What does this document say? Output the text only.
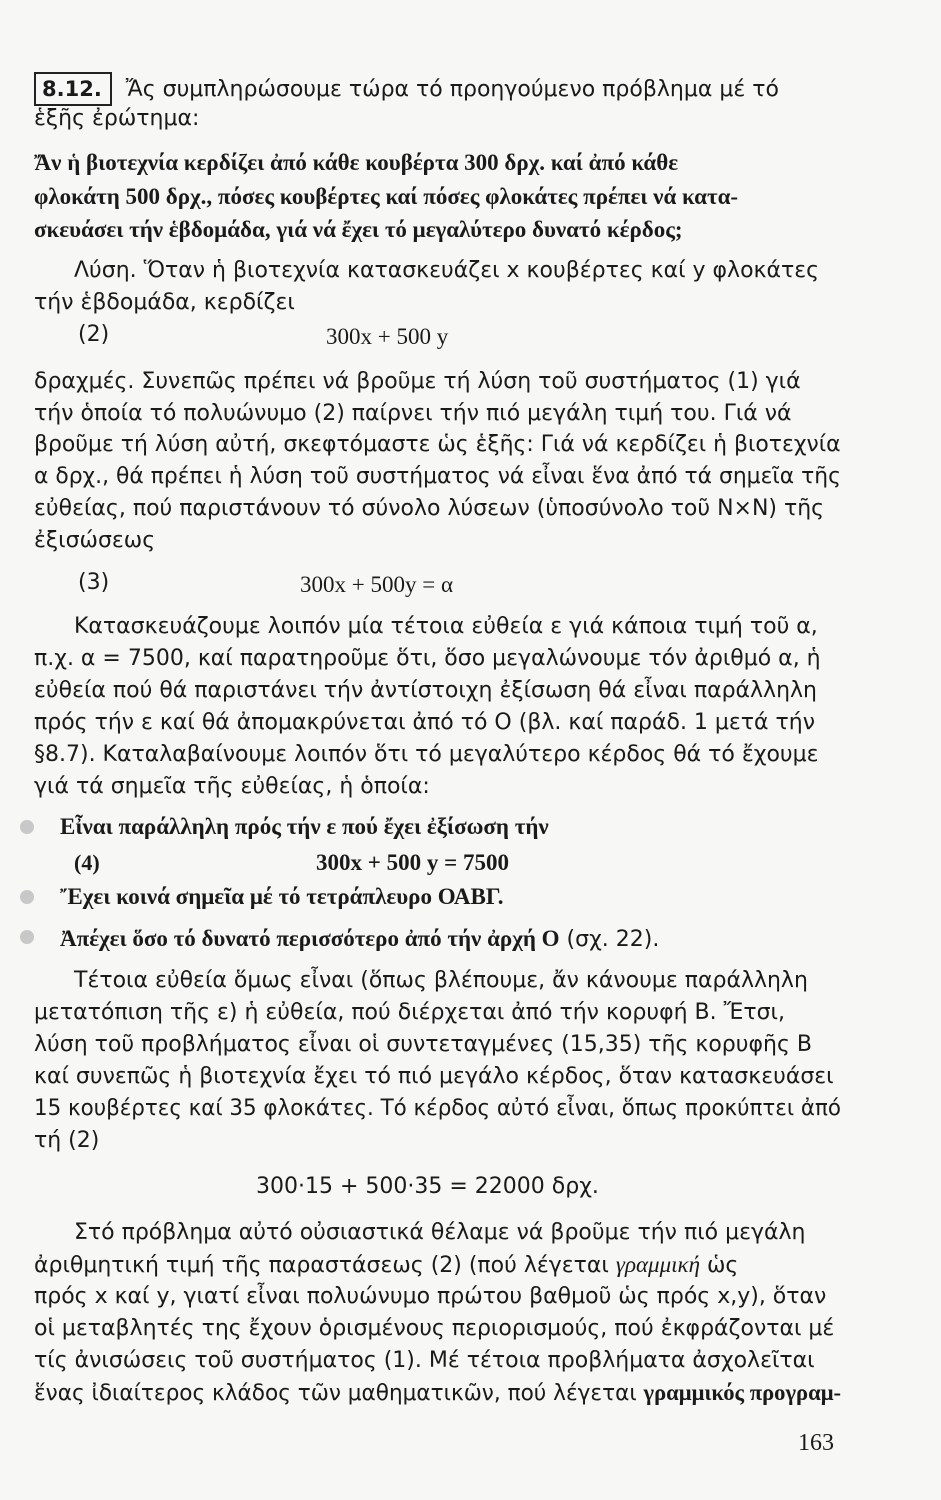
8.12. Ἄς συμπληρώσουμε τώρα τό προηγούμενο πρόβλημα μέ τό
ἑξῆς ἐρώτημα:
Ἄν ἡ βιοτεχνία κερδίζει ἀπό κάθε κουβέρτα 300 δρχ. καί ἀπό κάθε
φλοκάτη 500 δρχ., πόσες κουβέρτες καί πόσες φλοκάτες πρέπει νά κατα-
σκευάσει τήν ἑβδομάδα, γιά νά ἔχει τό μεγαλύτερο δυνατό κέρδος;
Λύση. Ὅταν ἡ βιοτεχνία κατασκευάζει x κουβέρτες καί y φλοκάτες
τήν ἑβδομάδα, κερδίζει
(2)	300x + 500 y
δραχμές. Συνεπῶς πρέπει νά βροῦμε τή λύση τοῦ συστήματος (1) γιά
τήν ὁποία τό πολυώνυμο (2) παίρνει τήν πιό μεγάλη τιμή του. Γιά νά
βροῦμε τή λύση αὐτή, σκεφτόμαστε ὡς ἑξῆς: Γιά νά κερδίζει ἡ βιοτεχνία
α δρχ., θά πρέπει ἡ λύση τοῦ συστήματος νά εἶναι ἕνα ἀπό τά σημεῖα τῆς
εὐθείας, πού παριστάνουν τό σύνολο λύσεων (ὑποσύνολο τοῦ N×N) τῆς
ἐξισώσεως
(3)	300x + 500y = α
Κατασκευάζουμε λοιπόν μία τέτοια εὐθεία ε γιά κάποια τιμή τοῦ α,
π.χ. α = 7500, καί παρατηροῦμε ὅτι, ὅσο μεγαλώνουμε τόν ἀριθμό α, ἡ
εὐθεία πού θά παριστάνει τήν ἀντίστοιχη ἐξίσωση θά εἶναι παράλληλη
πρός τήν ε καί θά ἀπομακρύνεται ἀπό τό Ο (βλ. καί παράδ. 1 μετά τήν
§8.7). Καταλαβαίνουμε λοιπόν ὅτι τό μεγαλύτερο κέρδος θά τό ἔχουμε
γιά τά σημεῖα τῆς εὐθείας, ἡ ὁποία:
Εἶναι παράλληλη πρός τήν ε πού ἔχει ἐξίσωση τήν
(4)	300x + 500 y = 7500
Ἔχει κοινά σημεῖα μέ τό τετράπλευρο ΟΑΒΓ.
Ἀπέχει ὅσο τό δυνατό περισσότερο ἀπό τήν ἀρχή Ο (σχ. 22).
Τέτοια εὐθεία ὅμως εἶναι (ὅπως βλέπουμε, ἄν κάνουμε παράλληλη
μετατόπιση τῆς ε) ἡ εὐθεία, πού διέρχεται ἀπό τήν κορυφή Β. Ἔτσι,
λύση τοῦ προβλήματος εἶναι οἱ συντεταγμένες (15,35) τῆς κορυφῆς Β
καί συνεπῶς ἡ βιοτεχνία ἔχει τό πιό μεγάλο κέρδος, ὅταν κατασκευάσει
15 κουβέρτες καί 35 φλοκάτες. Τό κέρδος αὐτό εἶναι, ὅπως προκύπτει ἀπό
τή (2)
300·15 + 500·35 = 22000 δρχ.
Στό πρόβλημα αὐτό οὐσιαστικά θέλαμε νά βροῦμε τήν πιό μεγάλη
ἀριθμητική τιμή τῆς παραστάσεως (2) (πού λέγεται γραμμική ὡς
πρός x καί y, γιατί εἶναι πολυώνυμο πρώτου βαθμοῦ ὡς πρός x,y), ὅταν
οἱ μεταβλητές της ἔχουν ὁρισμένους περιορισμούς, πού ἐκφράζονται μέ
τίς ἀνισώσεις τοῦ συστήματος (1). Μέ τέτοια προβλήματα ἀσχολεῖται
ἕνας ἰδιαίτερος κλάδος τῶν μαθηματικῶν, πού λέγεται γραμμικός προγραμ-
163
